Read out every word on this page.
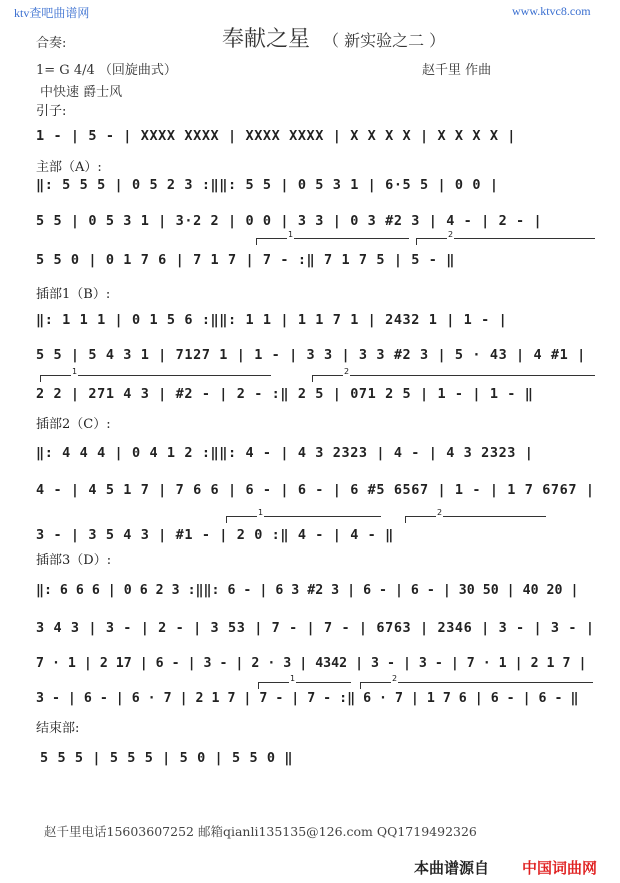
ktv查吧曲谱网	www.ktvc8.com
奉献之星 （ 新实验之二 ）
合奏:
1= G 4/4 （回旋曲式）	赵千里 作曲
中快速 爵士风
引子:
主部（A）:
插部1（B）:
插部2（C）:
插部3（D）:
结束部:
1 - | 5 - | XXXX XXXX | XXXX XXXX | X X X X | X X X X |
‖: 5 5 5 | 0 5 2 3 :‖‖: 5 5 | 0 5 3 1 | 6·5 5 | 0 0 |
5 5 | 0 5 3 1 | 3·2 2 | 0 0 | 3 3 | 0 3 #2 3 | 4 - | 2 - |
1	2
5 5 0 | 0 1 7 6 | 7 1 7 | 7 - :‖ 7 1 7 5 | 5 - ‖
‖: 1 1 1 | 0 1 5 6 :‖‖: 1 1 | 1 1 7 1 | 2432 1 | 1 - |
5 5 | 5 4 3 1 | 7127 1 | 1 - | 3 3 | 3 3 #2 3 | 5 · 43 | 4 #1 |
1	2
2 2 | 271 4 3 | #2 - | 2 - :‖ 2 5 | 071 2 5 | 1 - | 1 - ‖
‖: 4 4 4 | 0 4 1 2 :‖‖: 4 - | 4 3 2323 | 4 - | 4 3 2323 |
4 - | 4 5 1 7 | 7 6 6 | 6 - | 6 - | 6 #5 6567 | 1 - | 1 7 6767 |
1	2
3 - | 3 5 4 3 | #1 - | 2 0 :‖ 4 - | 4 - ‖
‖: 6 6 6 | 0 6 2 3 :‖‖: 6 - | 6 3 #2 3 | 6 - | 6 - | 30 50 | 40 20 |
3 4 3 | 3 - | 2 - | 3 53 | 7 - | 7 - | 6763 | 2346 | 3 - | 3 - |
7 · 1 | 2 17 | 6 - | 3 - | 2 · 3 | 4342 | 3 - | 3 - | 7 · 1 | 2 1 7 |
1	2
3 - | 6 - | 6 · 7 | 2 1 7 | 7 - | 7 - :‖ 6 · 7 | 1 7 6 | 6 - | 6 - ‖
5 5 5 | 5 5 5 | 5 0 | 5 5 0 ‖
赵千里电话15603607252 邮箱qianli135135@126.com QQ1719492326
本曲谱源自 中国词曲网
